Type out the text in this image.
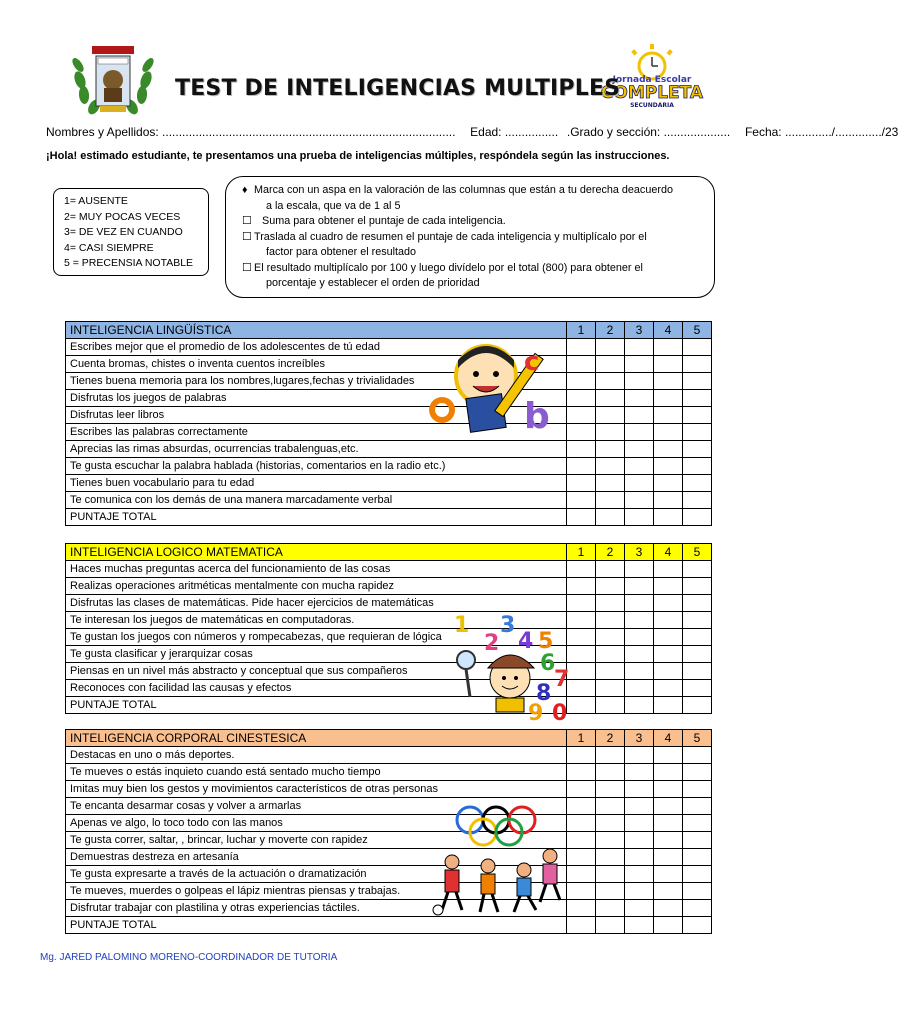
Jornada Escolar
COMPLETA
SECUNDARIA
TEST DE INTELIGENCIAS MULTIPLES
Nombres y Apellidos: ........................................................................................ Edad: ................ .Grado y sección: .................... Fecha: ............../............../23
¡Hola! estimado estudiante, te presentamos una prueba de inteligencias múltiples, respóndela según las instrucciones.
1= AUSENTE
2= MUY POCAS VECES
3= DE VEZ EN CUANDO
4= CASI SIEMPRE
5 = PRECENSIA NOTABLE
♦ Marca con un aspa en la valoración de las columnas que están a tu derecha deacuerdo
a la escala, que va de 1 al 5
☐ Suma para obtener el puntaje de cada inteligencia.
☐ Traslada al cuadro de resumen el puntaje de cada inteligencia y multiplícalo por el
factor para obtener el resultado
☐ El resultado multiplícalo por 100 y luego divídelo por el total (800) para obtener el
porcentaje y establecer el orden de prioridad
INTELIGENCIA LINGÜÍSTICA	1	2	3	4	5
Escribes mejor que el promedio de los adolescentes de tú edad					
Cuenta bromas, chistes o inventa cuentos increíbles					
Tienes buena memoria para los nombres,lugares,fechas y trivialidades					
Disfrutas los juegos de palabras					
Disfrutas leer libros					
Escribes las palabras correctamente					
Aprecias las rimas absurdas, ocurrencias trabalenguas,etc.					
Te gusta escuchar la palabra hablada (historias, comentarios en la radio etc.)					
Tienes buen vocabulario para tu edad					
Te comunica con los demás de una manera marcadamente verbal					
PUNTAJE TOTAL					
INTELIGENCIA LOGICO MATEMATICA	1	2	3	4	5
Haces muchas preguntas acerca del funcionamiento de las cosas					
Realizas operaciones aritméticas mentalmente con mucha rapidez					
Disfrutas las clases de matemáticas. Pide hacer ejercicios de matemáticas					
Te interesan los juegos de matemáticas en computadoras.					
Te gustan los juegos con números y rompecabezas, que requieran de lógica					
Te gusta clasificar y jerarquizar cosas					
Piensas en un nivel más abstracto y conceptual que sus compañeros					
Reconoces con facilidad las causas y efectos					
PUNTAJE TOTAL					
INTELIGENCIA CORPORAL CINESTESICA	1	2	3	4	5
Destacas en uno o más deportes.					
Te mueves o estás inquieto cuando está sentado mucho tiempo					
Imitas muy bien los gestos y movimientos característicos de otras personas					
Te encanta desarmar cosas y volver a armarlas					
Apenas ve algo, lo toco todo con las manos					
Te gusta correr, saltar, , brincar, luchar y moverte con rapidez					
Demuestras destreza en artesanía					
Te gusta expresarte a través de la actuación o dramatización					
Te mueves, muerdes o golpeas el lápiz mientras piensas y trabajas.					
Disfrutar trabajar con plastilina y otras experiencias táctiles.					
PUNTAJE TOTAL					
b
c
1 3
2 4 5
6
7
8
9 0
Mg. JARED PALOMINO MORENO-COORDINADOR DE TUTORIA
